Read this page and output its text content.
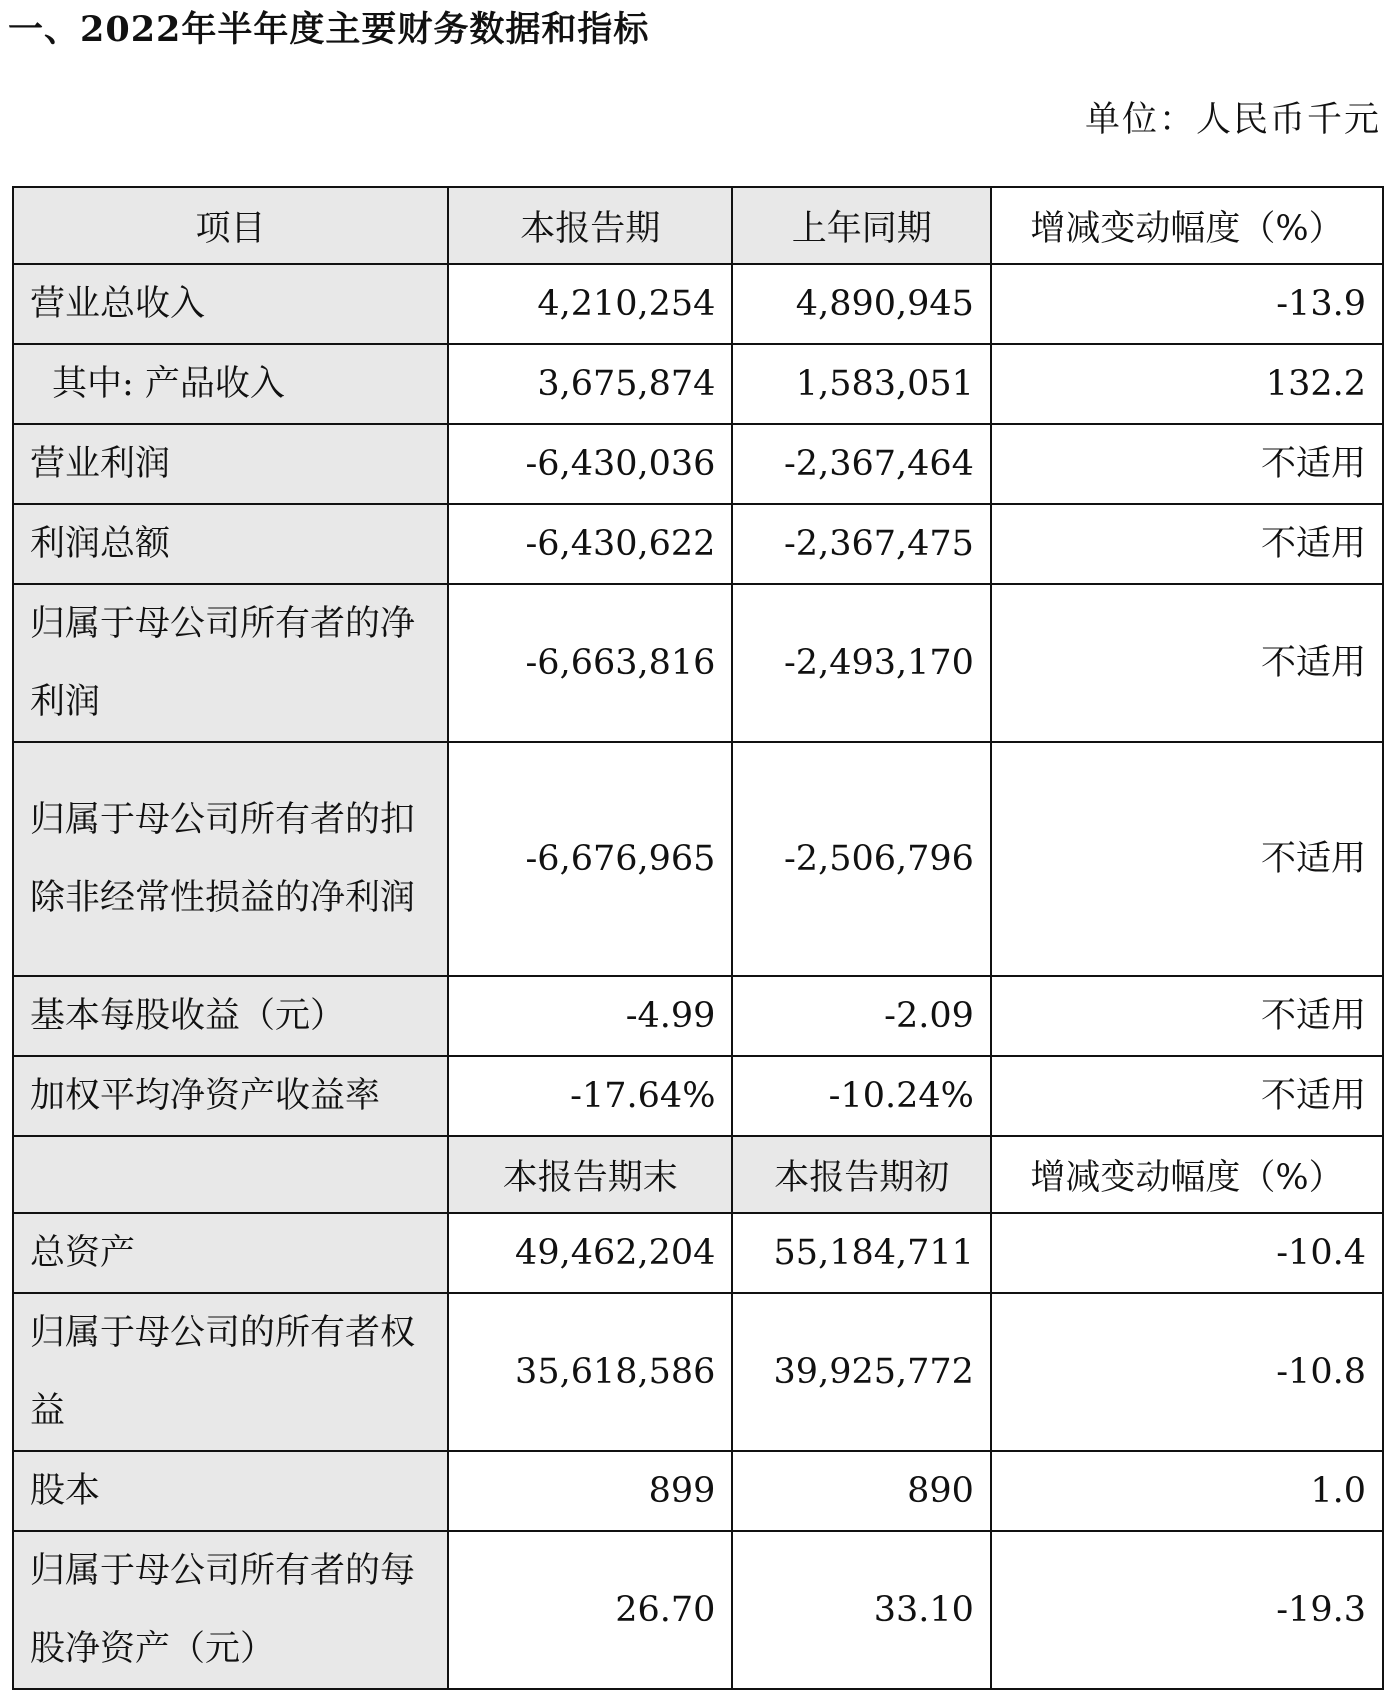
一、2022年半年度主要财务数据和指标
单位：人民币千元
项目	本报告期	上年同期	增减变动幅度（%）
营业总收入	4,210,254	4,890,945	-13.9
其中: 产品收入	3,675,874	1,583,051	132.2
营业利润	-6,430,036	-2,367,464	不适用
利润总额	-6,430,622	-2,367,475	不适用
归属于母公司所有者的净利润	-6,663,816	-2,493,170	不适用
归属于母公司所有者的扣除非经常性损益的净利润	-6,676,965	-2,506,796	不适用
基本每股收益（元）	-4.99	-2.09	不适用
加权平均净资产收益率	-17.64%	-10.24%	不适用
	本报告期末	本报告期初	增减变动幅度（%）
总资产	49,462,204	55,184,711	-10.4
归属于母公司的所有者权益	35,618,586	39,925,772	-10.8
股本	899	890	1.0
归属于母公司所有者的每股净资产（元）	26.70	33.10	-19.3
